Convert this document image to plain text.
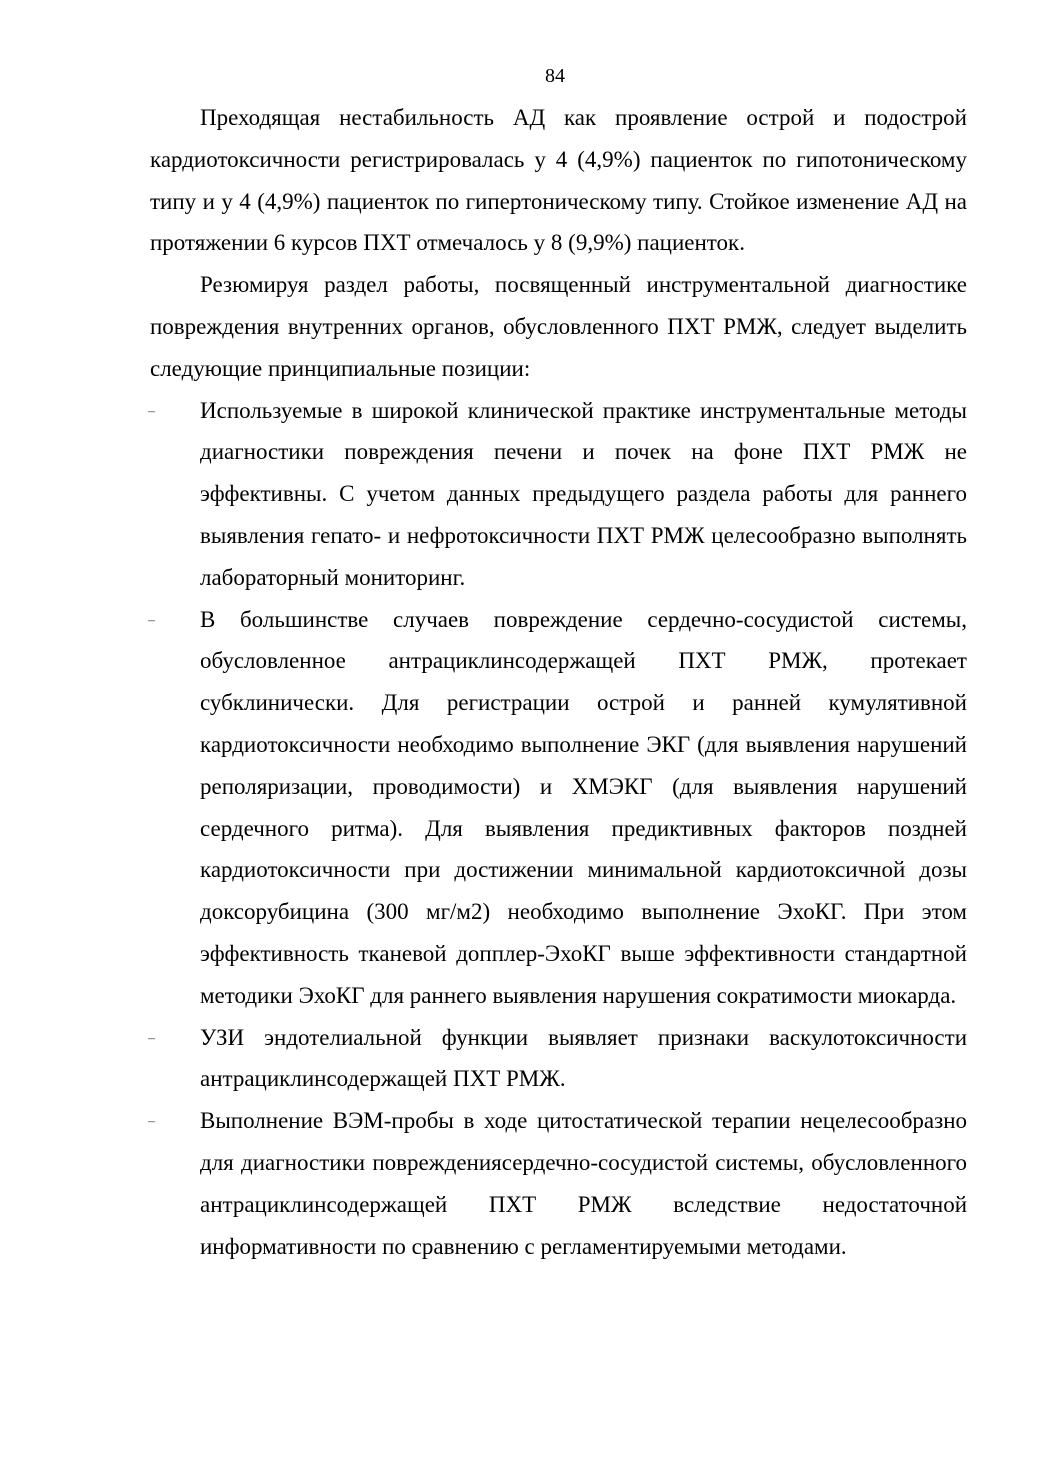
84

Преходящая нестабильность АД как проявление острой и подострой кардиотоксичности регистрировалась у 4 (4,9%) пациенток по гипотоническому типу и у 4 (4,9%) пациенток по гипертоническому типу. Стойкое изменение АД на протяжении 6 курсов ПХТ отмечалось у 8 (9,9%) пациенток.

Резюмируя раздел работы, посвященный инструментальной диагностике повреждения внутренних органов, обусловленного ПХТ РМЖ, следует выделить следующие принципиальные позиции:

– Используемые в широкой клинической практике инструментальные методы диагностики повреждения печени и почек на фоне ПХТ РМЖ не эффективны. С учетом данных предыдущего раздела работы для раннего выявления гепато- и нефротоксичности ПХТ РМЖ целесообразно выполнять лабораторный мониторинг.
– В большинстве случаев повреждение сердечно-сосудистой системы, обусловленное антрациклинсодержащей ПХТ РМЖ, протекает субклинически. Для регистрации острой и ранней кумулятивной кардиотоксичности необходимо выполнение ЭКГ (для выявления нарушений реполяризации, проводимости) и ХМЭКГ (для выявления нарушений сердечного ритма). Для выявления предиктивных факторов поздней кардиотоксичности при достижении минимальной кардиотоксичной дозы доксорубицина (300 мг/м2) необходимо выполнение ЭхоКГ. При этом эффективность тканевой допплер-ЭхоКГ выше эффективности стандартной методики ЭхоКГ для раннего выявления нарушения сократимости миокарда.
– УЗИ эндотелиальной функции выявляет признаки васкулотоксичности антрациклинсодержащей ПХТ РМЖ.
– Выполнение ВЭМ-пробы в ходе цитостатической терапии нецелесообразно для диагностики повреждениясердечно-сосудистой системы, обусловленного антрациклинсодержащей ПХТ РМЖ вследствие недостаточной информативности по сравнению с регламентируемыми методами.
